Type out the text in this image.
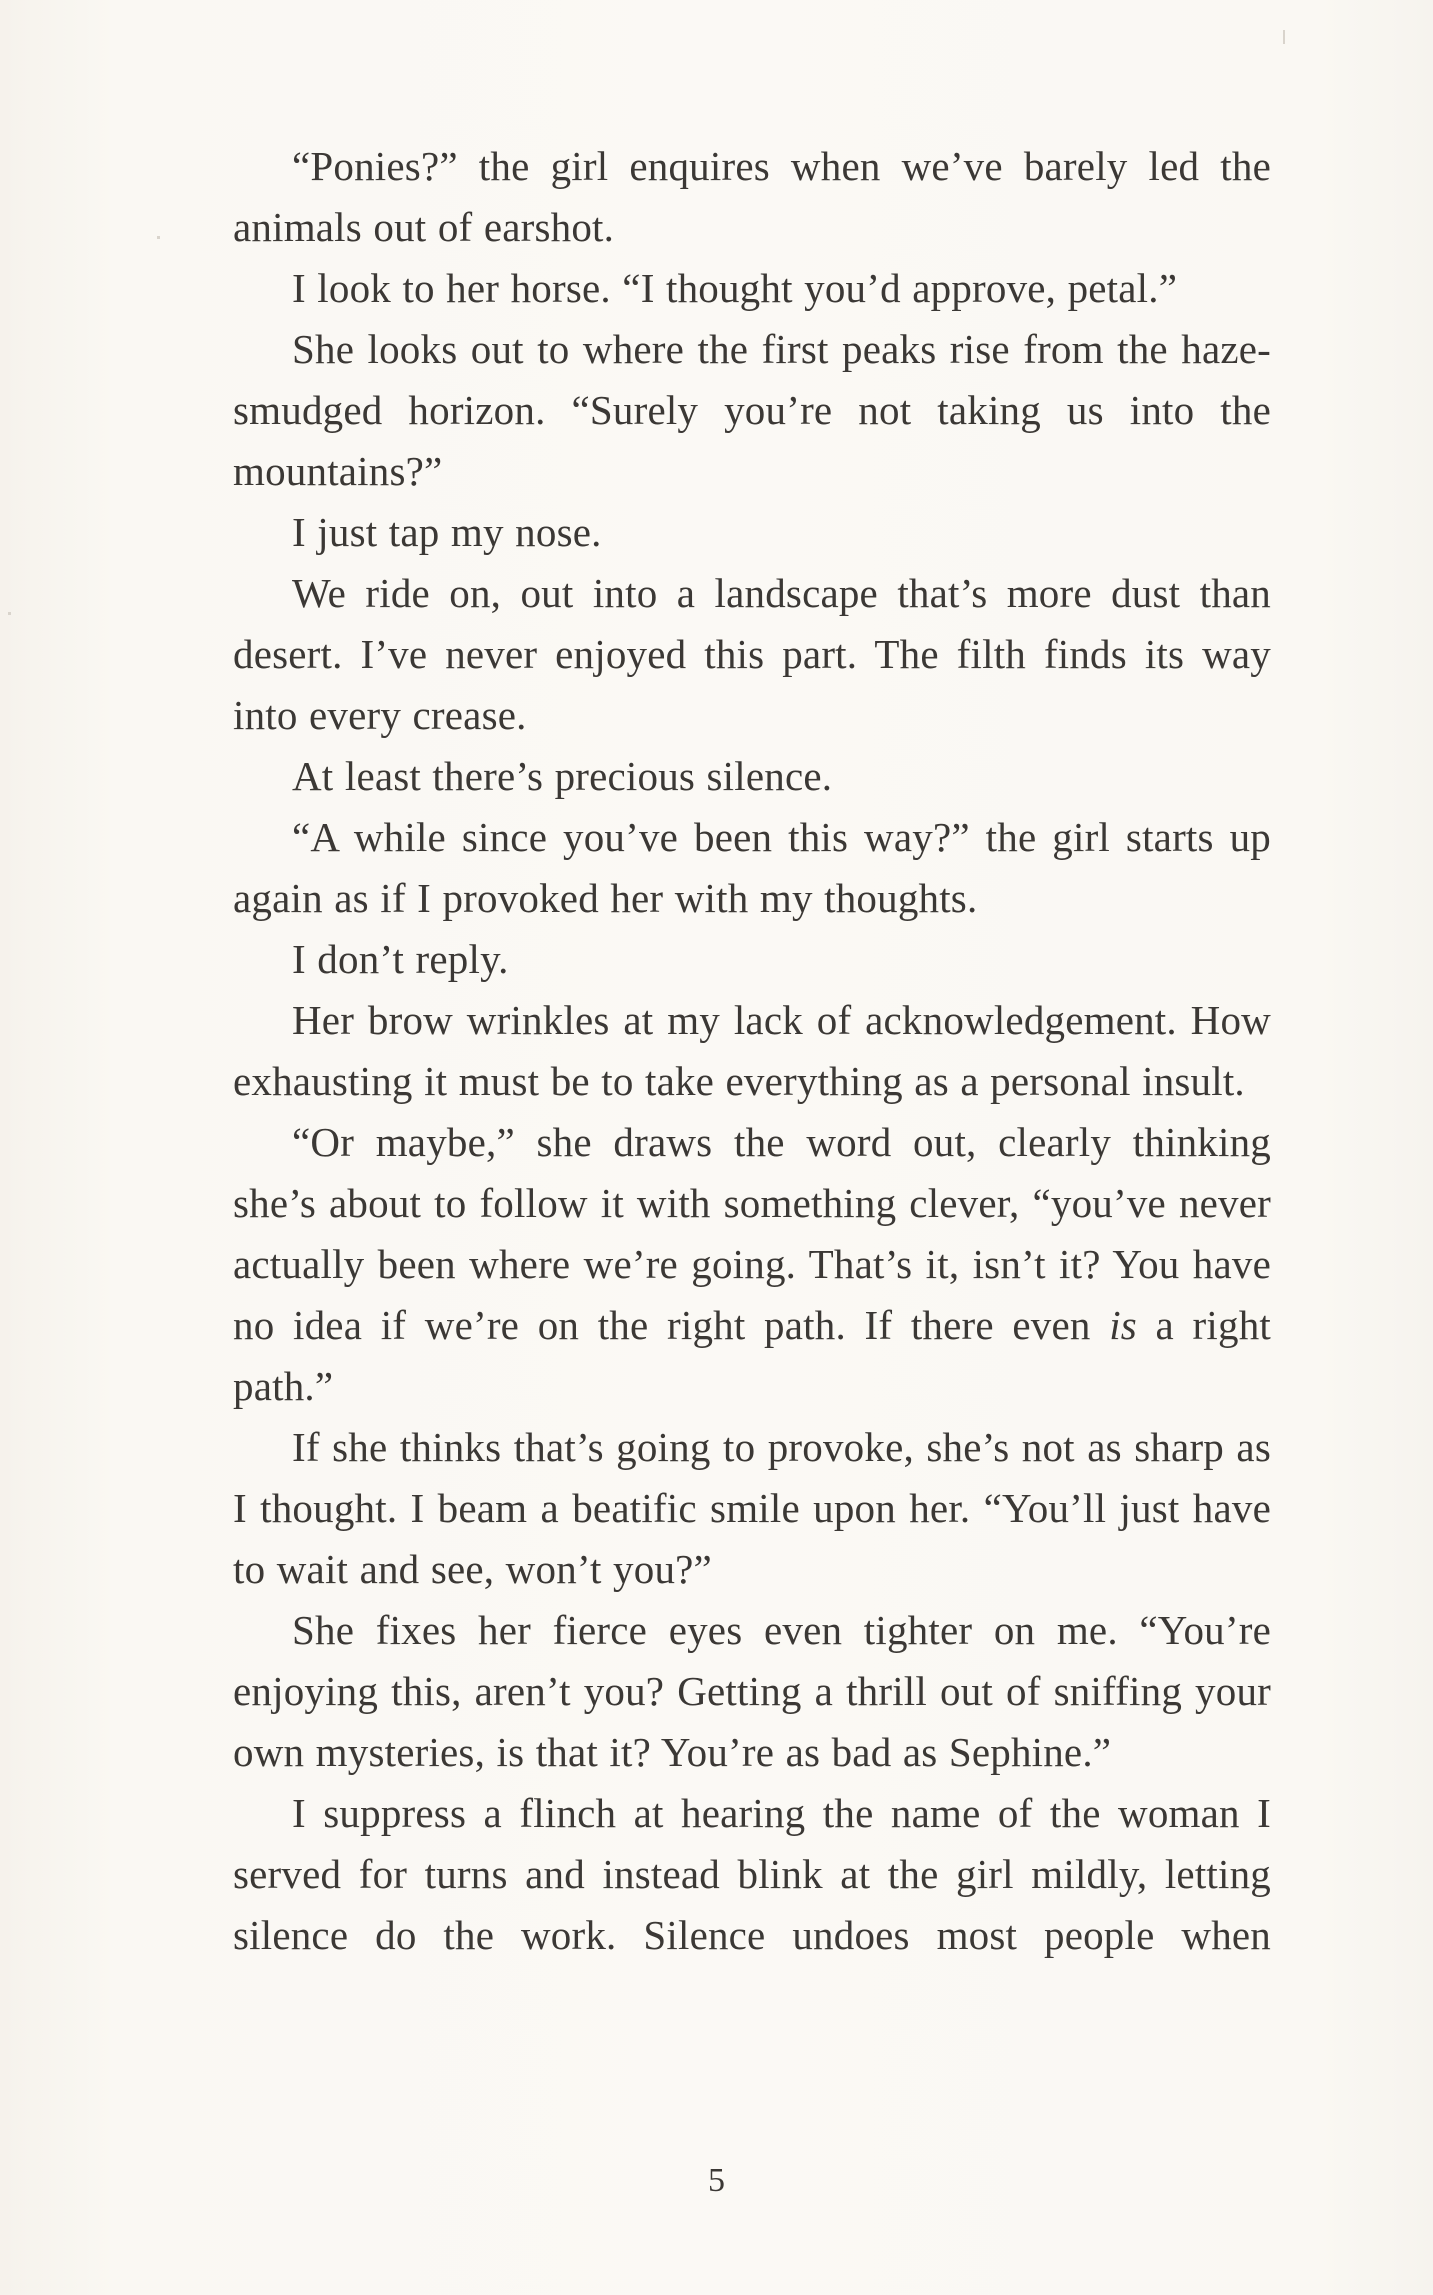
“Ponies?” the girl enquires when we’ve barely led the animals out of earshot.

I look to her horse. “I thought you’d approve, petal.”

She looks out to where the first peaks rise from the haze-smudged horizon. “Surely you’re not taking us into the mountains?”

I just tap my nose.

We ride on, out into a landscape that’s more dust than desert. I’ve never enjoyed this part. The filth finds its way into every crease.

At least there’s precious silence.

“A while since you’ve been this way?” the girl starts up again as if I provoked her with my thoughts.

I don’t reply.

Her brow wrinkles at my lack of acknowledgement. How exhausting it must be to take everything as a personal insult.

“Or maybe,” she draws the word out, clearly thinking she’s about to follow it with something clever, “you’ve never actually been where we’re going. That’s it, isn’t it? You have no idea if we’re on the right path. If there even is a right path.”

If she thinks that’s going to provoke, she’s not as sharp as I thought. I beam a beatific smile upon her. “You’ll just have to wait and see, won’t you?”

She fixes her fierce eyes even tighter on me. “You’re enjoying this, aren’t you? Getting a thrill out of sniffing your own mysteries, is that it? You’re as bad as Sephine.”

I suppress a flinch at hearing the name of the woman I served for turns and instead blink at the girl mildly, letting silence do the work. Silence undoes most people when

5
